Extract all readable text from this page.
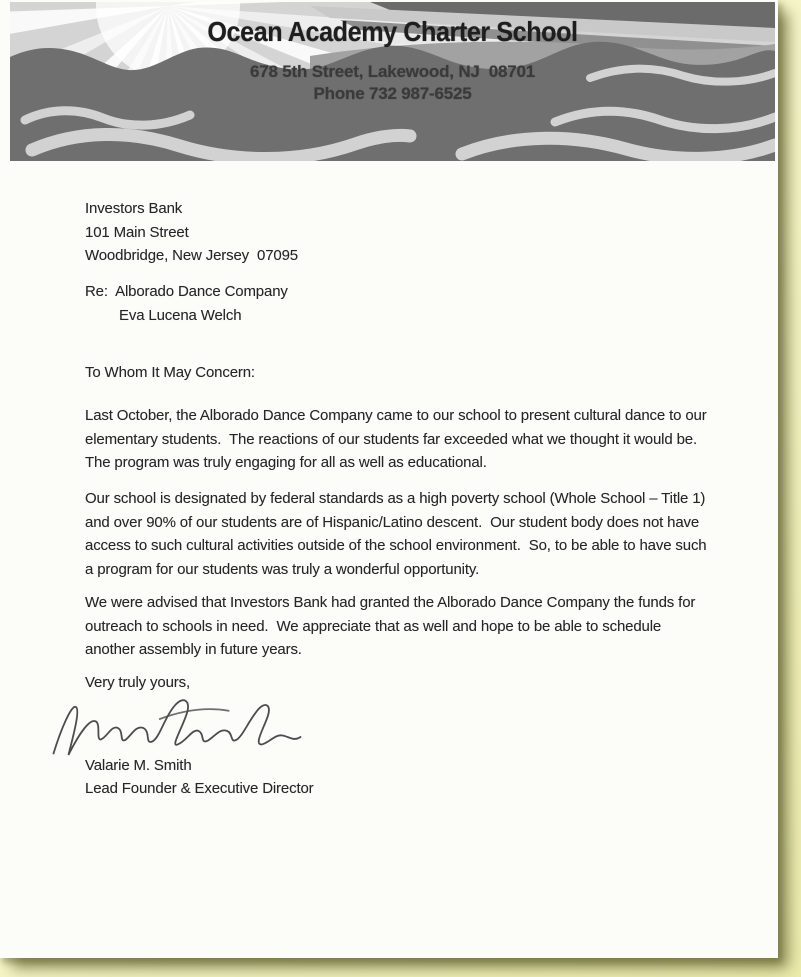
Ocean Academy Charter School
678 5th Street, Lakewood, NJ  08701
Phone 732 987-6525
Investors Bank
101 Main Street
Woodbridge, New Jersey  07095
Re:  Alborado Dance Company
Eva Lucena Welch
To Whom It May Concern:
Last October, the Alborado Dance Company came to our school to present cultural dance to our
elementary students.  The reactions of our students far exceeded what we thought it would be.
The program was truly engaging for all as well as educational.
Our school is designated by federal standards as a high poverty school (Whole School – Title 1)
and over 90% of our students are of Hispanic/Latino descent.  Our student body does not have
access to such cultural activities outside of the school environment.  So, to be able to have such
a program for our students was truly a wonderful opportunity.
We were advised that Investors Bank had granted the Alborado Dance Company the funds for
outreach to schools in need.  We appreciate that as well and hope to be able to schedule
another assembly in future years.
Very truly yours,
Valarie M. Smith
Lead Founder & Executive Director
